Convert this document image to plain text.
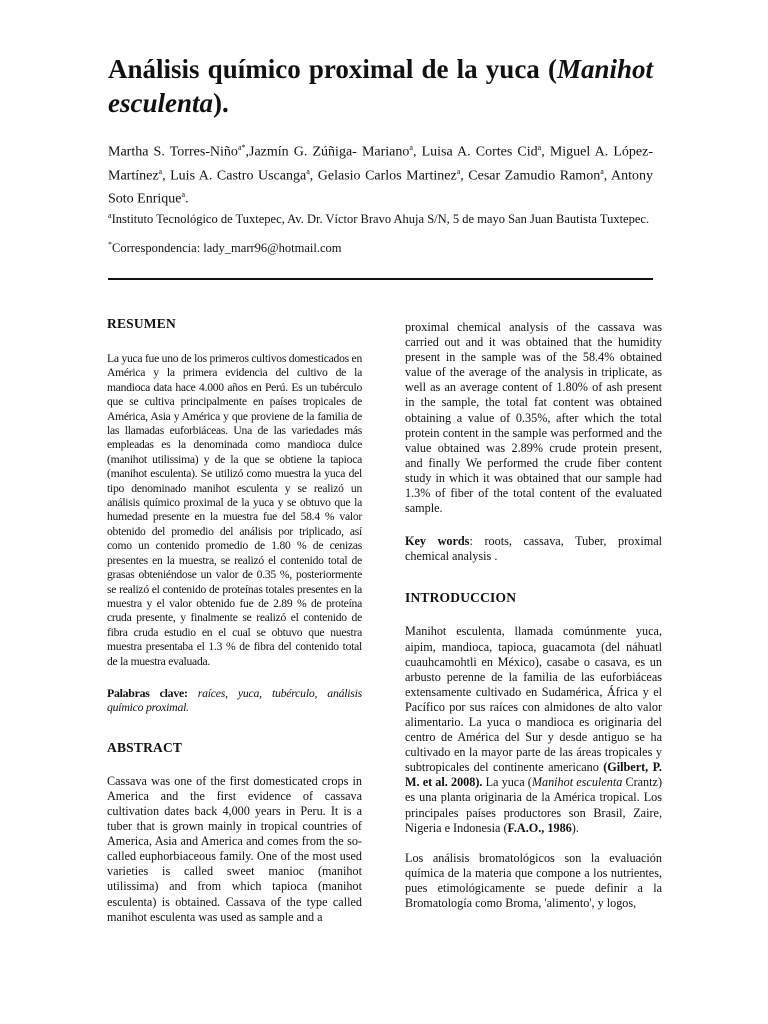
Análisis químico proximal de la yuca (Manihot esculenta).

Martha S. Torres-Niño$^{a*}$,Jazmín G. Zúñiga- Mariano$^a$, Luisa A. Cortes Cid$^a$, Miguel A. López-Martínez$^a$, Luis A. Castro Uscanga$^a$, Gelasio Carlos Martinez$^a$, Cesar Zamudio Ramon$^a$, Antony Soto Enrique$^a$.

$^a$Instituto Tecnológico de Tuxtepec, Av. Dr. Víctor Bravo Ahuja S/N, 5 de mayo San Juan Bautista Tuxtepec.

*Correspondencia: lady_marr96@hotmail.com

RESUMEN

La yuca fue uno de los primeros cultivos domesticados en América y la primera evidencia del cultivo de la mandioca data hace 4.000 años en Perú. Es un tubérculo que se cultiva principalmente en países tropicales de América, Asia y América y que proviene de la familia de las llamadas euforbiáceas. Una de las variedades más empleadas es la denominada como mandioca dulce (manihot utilissima) y de la que se obtiene la tapioca (manihot esculenta). Se utilizó como muestra la yuca del tipo denominado manihot esculenta y se realizó un análisis químico proximal de la yuca y se obtuvo que la humedad presente en la muestra fue del 58.4 % valor obtenido del promedio del análisis por triplicado, así como un contenido promedio de 1.80 % de cenizas presentes en la muestra, se realizó el contenido total de grasas obteniéndose un valor de 0.35 %, posteriormente se realizó el contenido de proteínas totales presentes en la muestra y el valor obtenido fue de 2.89 % de proteína cruda presente, y finalmente se realizó el contenido de fibra cruda estudio en el cual se obtuvo que nuestra muestra presentaba el 1.3 % de fibra del contenido total de la muestra evaluada.

Palabras clave: raíces, yuca, tubérculo, análisis químico proximal.

ABSTRACT

Cassava was one of the first domesticated crops in America and the first evidence of cassava cultivation dates back 4,000 years in Peru. It is a tuber that is grown mainly in tropical countries of America, Asia and America and comes from the so-called euphorbiaceous family. One of the most used varieties is called sweet manioc (manihot utilissima) and from which tapioca (manihot esculenta) is obtained. Cassava of the type called manihot esculenta was used as sample and a

proximal chemical analysis of the cassava was carried out and it was obtained that the humidity present in the sample was of the 58.4% obtained value of the average of the analysis in triplicate, as well as an average content of 1.80% of ash present in the sample, the total fat content was obtained obtaining a value of 0.35%, after which the total protein content in the sample was performed and the value obtained was 2.89% crude protein present, and finally We performed the crude fiber content study in which it was obtained that our sample had 1.3% of fiber of the total content of the evaluated sample.

Key words: roots, cassava, Tuber, proximal chemical analysis .

INTRODUCCION

Manihot esculenta, llamada comúnmente yuca, aipim, mandioca, tapioca, guacamota (del náhuatl cuauhcamohtli en México), casabe o casava, es un arbusto perenne de la familia de las euforbiáceas extensamente cultivado en Sudamérica, África y el Pacífico por sus raíces con almidones de alto valor alimentario. La yuca o mandioca es originaria del centro de América del Sur y desde antiguo se ha cultivado en la mayor parte de las áreas tropicales y subtropicales del continente americano (Gilbert, P. M. et al. 2008). La yuca (Manihot esculenta Crantz) es una planta originaria de la América tropical. Los principales países productores son Brasil, Zaire, Nigeria e Indonesia (F.A.O., 1986).

Los análisis bromatológicos son la evaluación química de la materia que compone a los nutrientes, pues etimológicamente se puede definir a la Bromatología como Broma, 'alimento', y logos,
